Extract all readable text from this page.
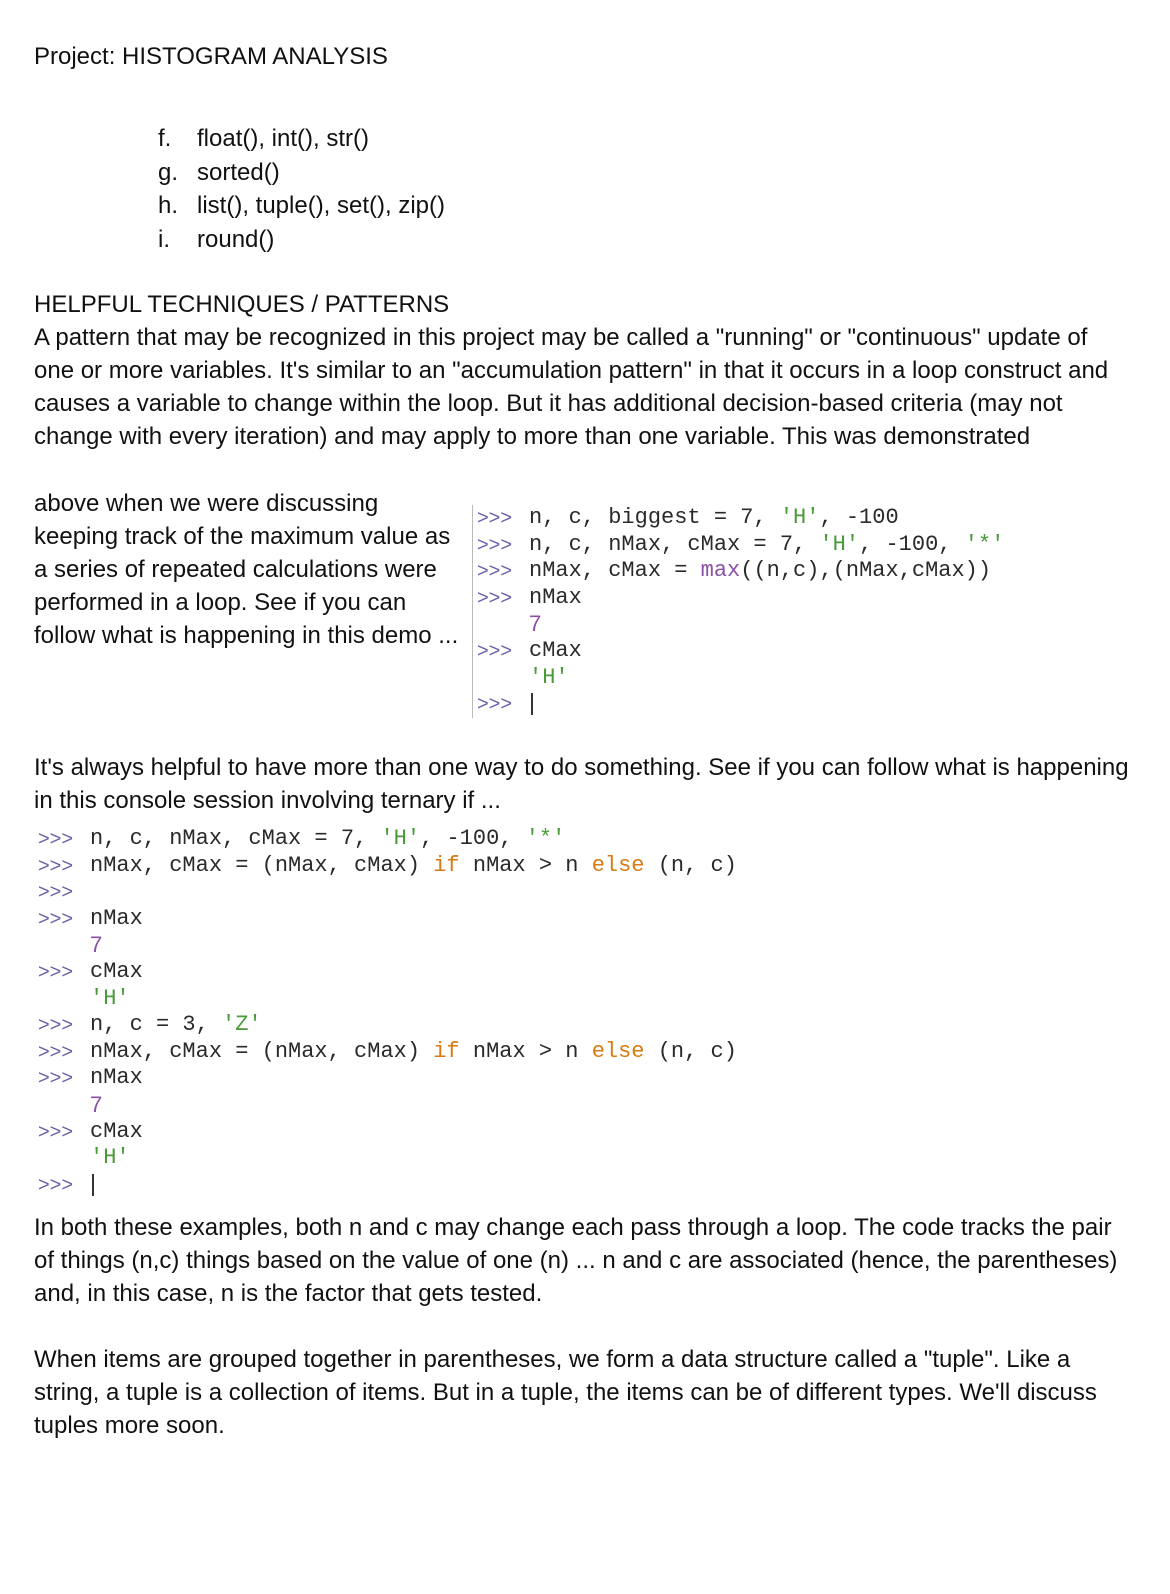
Project: HISTOGRAM ANALYSIS
f.	float(), int(), str()
g. sorted()
h. list(), tuple(), set(), zip()
i.	round()
HELPFUL TECHNIQUES / PATTERNS

A pattern that may be recognized in this project may be called a "running" or "continuous" update of one or more variables. It's similar to an "accumulation pattern" in that it occurs in a loop construct and causes a variable to change within the loop. But it has additional decision-based criteria (may not change with every iteration) and may apply to more than one variable. This was demonstrated

above when we were discussing keeping track of the maximum value as a series of repeated calculations were performed in a loop. See if you can follow what is happening in this demo ...

>>> n, c, biggest = 7, 'H' , -100
>>> n, c, nMax, cMax = 7, 'H' , -100, '*'
>>> nMax, cMax = max ((n,c),(nMax,cMax))
>>> nMax
7
>>> cMax
'H'
>>>

It's always helpful to have more than one way to do something. See if you can follow what is happening in this console session involving ternary if ...

>>> n, c, nMax, cMax = 7, 'H' , -100, '*'
>>> nMax, cMax = (nMax, cMax) if nMax > n else (n, c)
>>>
>>> nMax
7
>>> cMax
'H'
>>> n, c = 3, 'Z'
>>> nMax, cMax = (nMax, cMax) if nMax > n else (n, c)
>>> nMax
7
>>> cMax
'H'
>>>

In both these examples, both n and c may change each pass through a loop. The code tracks the pair of things (n,c) things based on the value of one (n) ... n and c are associated (hence, the parentheses) and, in this case, n is the factor that gets tested.

When items are grouped together in parentheses, we form a data structure called a "tuple". Like a string, a tuple is a collection of items. But in a tuple, the items can be of different types. We'll discuss tuples more soon.
